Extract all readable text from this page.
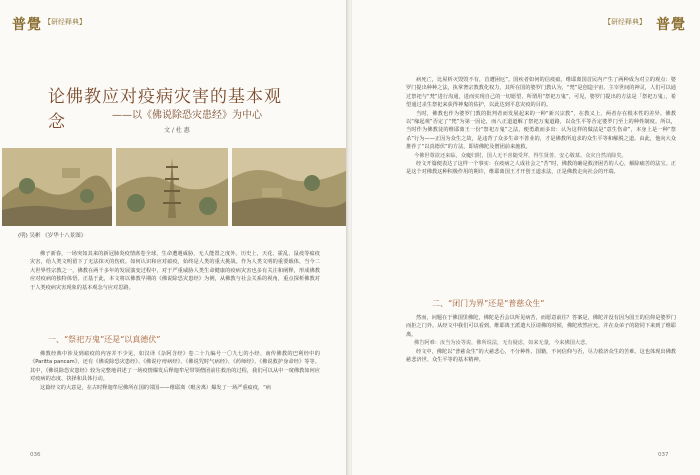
普覺 【研经释典】
论佛教应对疫病灾害的基本观念	——以《佛说除恐灾患经》为中心
文 / 杜 惠
(明) 吴彬 《岁华十八景图》

佛子新春，一场突如其来的新冠肺炎疫情席卷全球，生命遭遇威胁，无人能置之度外。历史上，天花、霍乱、鼠疫等瘟疫灾害，给人类文明留下了无法抹灭的伤痕。如何认识和应对瘟疫，始终是人类的重大挑战。作为人类文明的重要载体，当今二大世界性宗教之一，佛教在两千多年的发展演变过程中，对于严重威胁人类生命健康的疫病灾害也多有关注和阐释，形成佛教应对疫病的独特体悟。正基于此，本文将以佛教早期的《佛说除恐灾患经》为例，从佛教与社会关系的视角，重点探析佛教对于人类疫病灾害现象的基本观念与应对思路。

一、“祭祀万鬼”还是“以真德伏”

佛教经典中涉及到瘟疫的内容并不少见，如汉译《杂阿含经》卷二十九编号一〇九七的小经、南传佛教的巴利经中的《Paritta pancam》，还有《佛说除恐灾患经》、《佛说疗痔病经》、《佛说咒时气病经》、《药师经》、《佛说救护身命经》等等。其中，《佛说除恐灾患经》较为完整地讲述了一场疫情爆发后释迦牟尼带领僧团前往救治的过程，我们可以从中一窥佛教如何应对疫病的态度、抉择和具体行动。

这篇经文的大意是，在古时释迦牟尼佛所在国的邻国——维耶离（毗舍离）爆发了一场严重瘟疫，“病

036
【研经释典】 普覺

病死亡，比屋析灭毁毁不有，首遭困厄”。国疾者如何的信疫瘟。维耶离国首民内产生了两种成为对立的观点：婆罗门提出种种之法，执掌奢宗教教化权力，其所在国的婆罗门教认为，“梵”是创造宇宙、主宰世间的神灵，人们可以通过祭祀与“梵”进行沟通，进而实现自己的一切愿望，所谓用“祭祀万鬼”，可见，婆罗门提出的方法是「祭祀万鬼」，希望通过杀生祭祀来获得神鬼的佑护，以此达到平息灾疫的目的。

当时，佛教也作为婆罗门教的批判者而发展起来的一种“新兴宗教”，在教义上，两者存在根本性的差异。佛教以“缘起观”否定了“梵”为第一因论，而八正道道解了祭祀万鬼道路，以众生平等否定婆罗门至上的种姓制度。所以，当时作为佛教徒的维耶离王一份“祭祀万鬼”之法，便勇敢而多出：认为这样的做法是“意生伤命”，本身上是一种“祭杀”行为——正因为众生之故，是违背了众多生命不善业的，才是佛教所追求的众生平等和解脱之道。由此，他向大众推荐了“以真德伏”的方法，即请佛陀及僧团前来施救。

今佛世尊欲还来临，众魔归附，国人无不喜随受拜，得生贤善，安心敬慕。众灾自然消除矣。

经文开篇便表达了这样一个事实：在疫病之人成社会之“苦”时，佛教的确是救济困苦的人心，解除痛苦的法宝。正是这个对佛教这种积极作用的期许，维耶离国王才开创王道求法，正是佛教走向社会的开端。

二、“闭门为界”还是“普慈众生”

然而，问题在于佛国里佛陀，佛陀是否会以所见病苦，而愿意前往？答案是，佛陀并没有因为国王的信仰是婆罗门而拒之门外。从经文中我们可以看到，维耶离王派遣大臣请佛的时候，佛陀欣然应允，并在众弟子的陪同下来到了维耶离。

佛告阿难：汝当为汝等说，佛所说法，无有疑虑，如来无量，今来佛国大悲。

经文中，佛陀以“普慈众生”的大慈悲心，不分种姓、国籍，不问信仰与否，尽力救济众生的苦难。这也体现出佛教慈悲济世、众生平等的基本精神。

037
